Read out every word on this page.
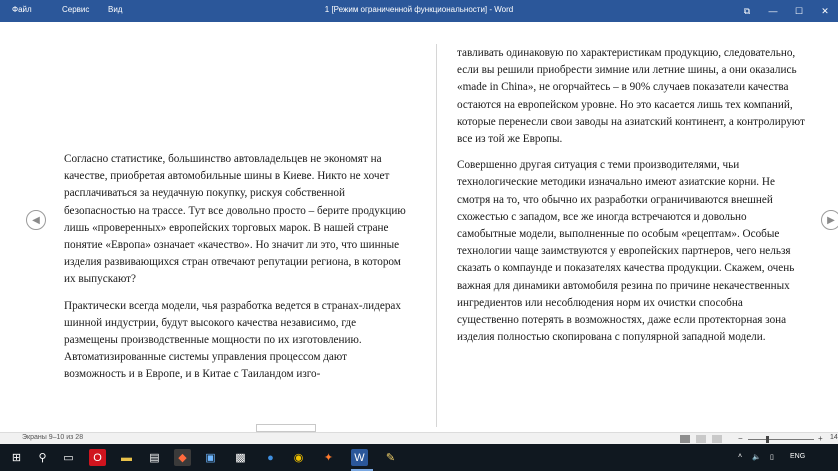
Файл	Сервис Вид	1 [Режим ограниченной функциональности] - Word	⧉	—	☐	✕

Согласно статистике, большинство автовладельцев не экономят на качестве, приобретая автомобильные шины в Киеве. Никто не хочет расплачиваться за неудачную покупку, рискуя собственной безопасностью на трассе. Тут все довольно просто – берите продукцию лишь «проверенных» европейских торговых марок. В нашей стране понятие «Европа» означает «качество». Но значит ли это, что шинные изделия развивающихся стран отвечают репутации региона, в котором их выпускают?

Практически всегда модели, чья разработка ведется в странах-лидерах шинной индустрии, будут высокого качества независимо, где размещены производственные мощности по их изготовлению. Автоматизированные системы управления процессом дают возможность и в Европе, и в Китае с Таиландом изго-

тавливать одинаковую по характеристикам продукцию, следовательно, если вы решили приобрести зимние или летние шины, а они оказались «made in China», не огорчайтесь – в 90% случаев показатели качества остаются на европейском уровне. Но это касается лишь тех компаний, которые перенесли свои заводы на азиатский континент, а контролируют все из той же Европы.

Совершенно другая ситуация с теми производителями, чьи технологические методики изначально имеют азиатские корни. Не смотря на то, что обычно их разработки ограничиваются внешней схожестью с западом, все же иногда встречаются и довольно самобытные модели, выполненные по особым «рецептам». Особые технологии чаще заимствуются у европейских партнеров, чего нельзя сказать о компаунде и показателях качества продукции. Скажем, очень важная для динамики автомобиля резина по причине некачественных ингредиентов или несоблюдения норм их очистки способна существенно потерять в возможностях, даже если протекторная зона изделия полностью скопирована с популярной западной модели.

◀	▶
Экраны 9–10 из 28	−	+ 14
⊞	⚲	▭	O	▬ ▤	◆	▣ ▩	●	◉	✦	W	✎	˄ 🔈 ▯ ENG
